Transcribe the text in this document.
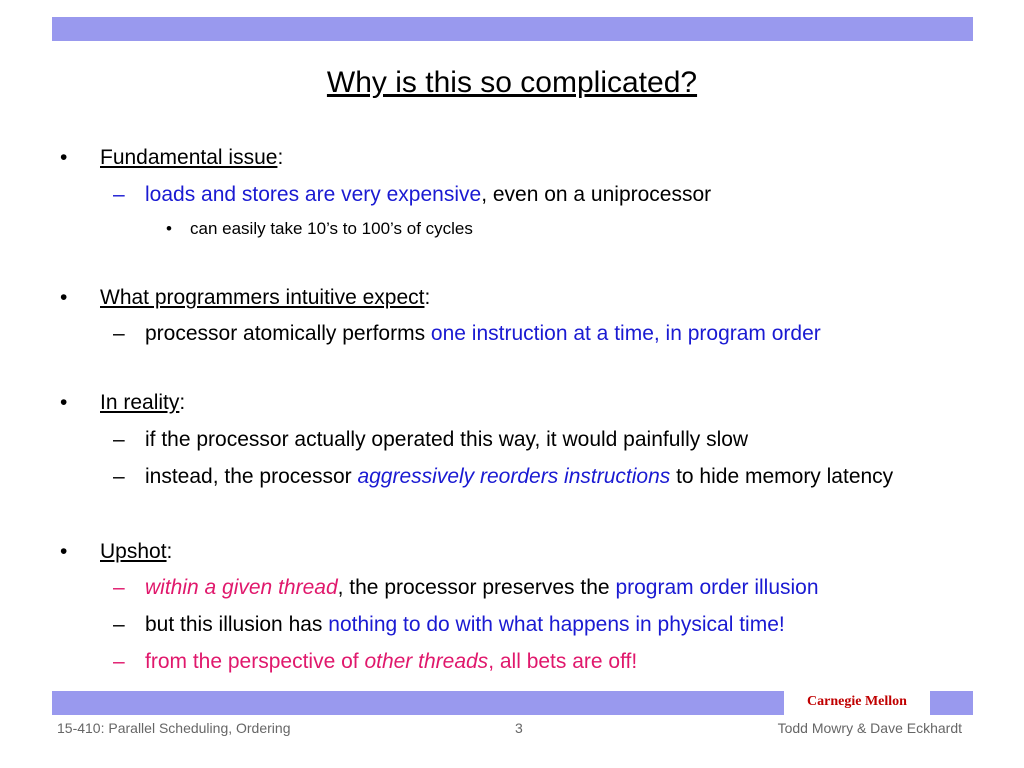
Why is this so complicated?
• Fundamental issue:
– loads and stores are very expensive, even on a uniprocessor
• can easily take 10’s to 100’s of cycles
• What programmers intuitive expect:
– processor atomically performs one instruction at a time, in program order
• In reality:
– if the processor actually operated this way, it would painfully slow
– instead, the processor aggressively reorders instructions to hide memory latency
• Upshot:
– within a given thread, the processor preserves the program order illusion
– but this illusion has nothing to do with what happens in physical time!
– from the perspective of other threads, all bets are off!
Carnegie Mellon
15-410: Parallel Scheduling, Ordering	3	Todd Mowry & Dave Eckhardt
